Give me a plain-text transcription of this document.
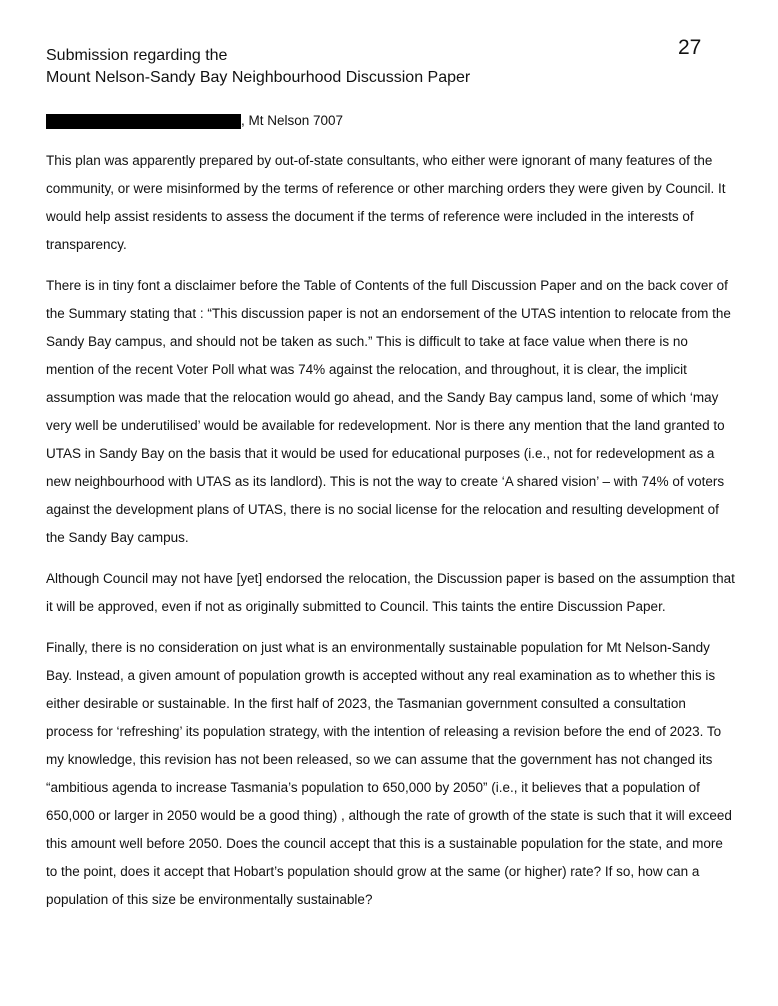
27
Submission regarding the
Mount Nelson-Sandy Bay Neighbourhood Discussion Paper
, Mt Nelson 7007

This plan was apparently prepared by out-of-state consultants, who either were ignorant of many features of the community, or were misinformed by the terms of reference or other marching orders they were given by Council. It would help assist residents to assess the document if the terms of reference were included in the interests of transparency.

There is in tiny font a disclaimer before the Table of Contents of the full Discussion Paper and on the back cover of the Summary stating that : “This discussion paper is not an endorsement of the UTAS intention to relocate from the Sandy Bay campus, and should not be taken as such.” This is difficult to take at face value when there is no mention of the recent Voter Poll what was 74% against the relocation, and throughout, it is clear, the implicit assumption was made that the relocation would go ahead, and the Sandy Bay campus land, some of which ‘may very well be underutilised’ would be available for redevelopment. Nor is there any mention that the land granted to UTAS in Sandy Bay on the basis that it would be used for educational purposes (i.e., not for redevelopment as a new neighbourhood with UTAS as its landlord). This is not the way to create ‘A shared vision’ – with 74% of voters against the development plans of UTAS, there is no social license for the relocation and resulting development of the Sandy Bay campus.

Although Council may not have [yet] endorsed the relocation, the Discussion paper is based on the assumption that it will be approved, even if not as originally submitted to Council. This taints the entire Discussion Paper.

Finally, there is no consideration on just what is an environmentally sustainable population for Mt Nelson-Sandy Bay. Instead, a given amount of population growth is accepted without any real examination as to whether this is either desirable or sustainable. In the first half of 2023, the Tasmanian government consulted a consultation process for ‘refreshing’ its population strategy, with the intention of releasing a revision before the end of 2023. To my knowledge, this revision has not been released, so we can assume that the government has not changed its “ambitious agenda to increase Tasmania’s population to 650,000 by 2050” (i.e., it believes that a population of 650,000 or larger in 2050 would be a good thing) , although the rate of growth of the state is such that it will exceed this amount well before 2050. Does the council accept that this is a sustainable population for the state, and more to the point, does it accept that Hobart’s population should grow at the same (or higher) rate? If so, how can a population of this size be environmentally sustainable?
